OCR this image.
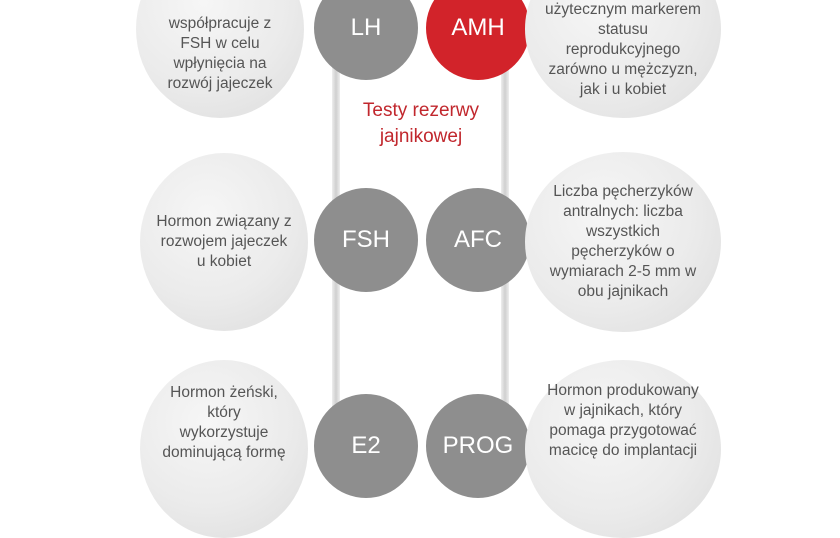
współpracuje z
FSH w celu
wpłynięcia na
rozwój jajeczek
LH	AMH
użytecznym markerem
statusu
reprodukcyjnego
zarówno u mężczyzn,
jak i u kobiet
Testy rezerwy
jajnikowej
Hormon związany z
rozwojem jajeczek
u kobiet
FSH	AFC
Liczba pęcherzyków
antralnych: liczba
wszystkich
pęcherzyków o
wymiarach 2-5 mm w
obu jajnikach
Hormon żeński,
który
wykorzystuje
dominującą formę	E2	PROG
Hormon produkowany
w jajnikach, który
pomaga przygotować
macicę do implantacji
